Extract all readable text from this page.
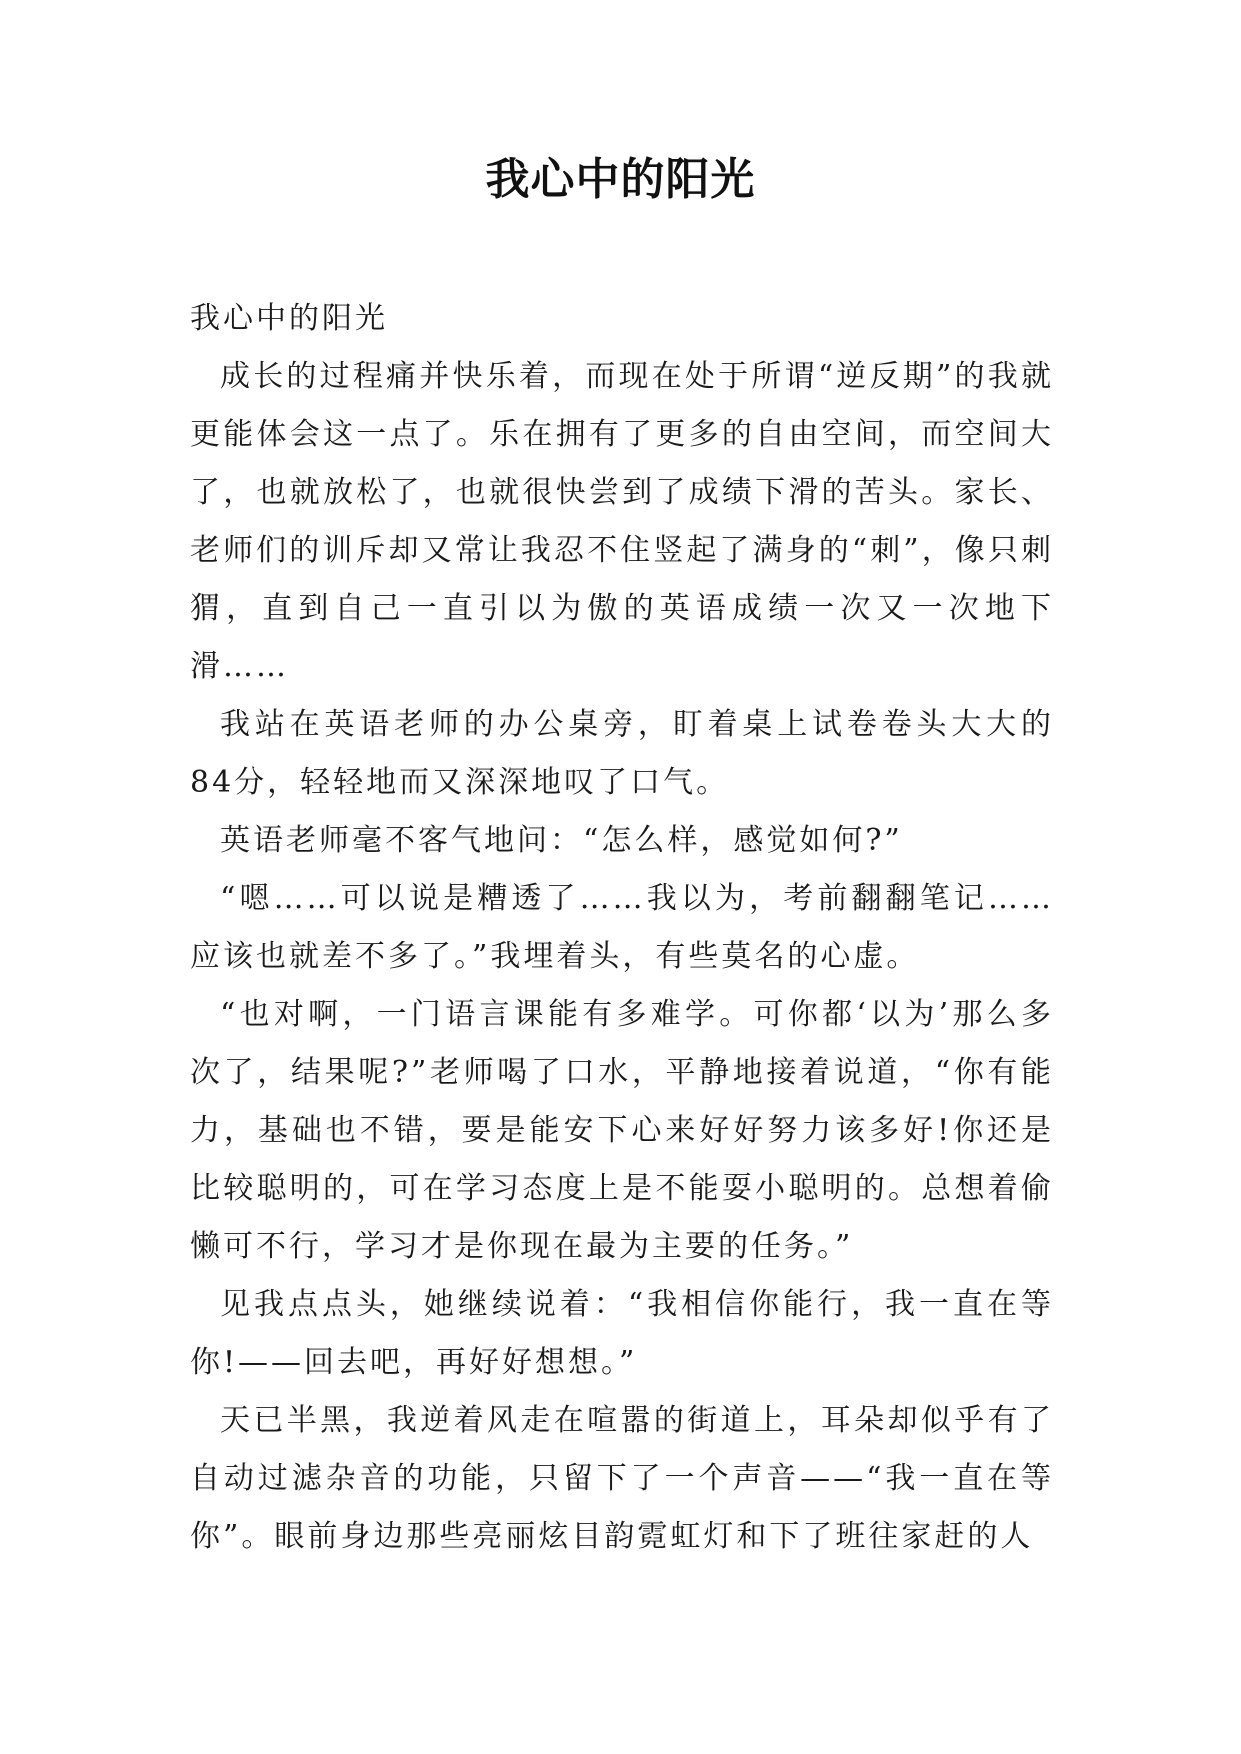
我心中的阳光

我心中的阳光

成长的过程痛并快乐着，而现在处于所谓“逆反期”的我就更能体会这一点了。乐在拥有了更多的自由空间，而空间大了，也就放松了，也就很快尝到了成绩下滑的苦头。家长、老师们的训斥却又常让我忍不住竖起了满身的“刺”，像只刺猬，直到自己一直引以为傲的英语成绩一次又一次地下滑……

我站在英语老师的办公桌旁，盯着桌上试卷卷头大大的84分，轻轻地而又深深地叹了口气。

英语老师毫不客气地问：“怎么样，感觉如何?”

“嗯……可以说是糟透了……我以为，考前翻翻笔记……应该也就差不多了。”我埋着头，有些莫名的心虚。

“也对啊，一门语言课能有多难学。可你都‘以为’那么多次了，结果呢?”老师喝了口水，平静地接着说道，“你有能力，基础也不错，要是能安下心来好好努力该多好!你还是比较聪明的，可在学习态度上是不能耍小聪明的。总想着偷懒可不行，学习才是你现在最为主要的任务。”

见我点点头，她继续说着：“我相信你能行，我一直在等你!——回去吧，再好好想想。”

天已半黑，我逆着风走在喧嚣的街道上，耳朵却似乎有了自动过滤杂音的功能，只留下了一个声音——“我一直在等你”。眼前身边那些亮丽炫目韵霓虹灯和下了班往家赶的人
